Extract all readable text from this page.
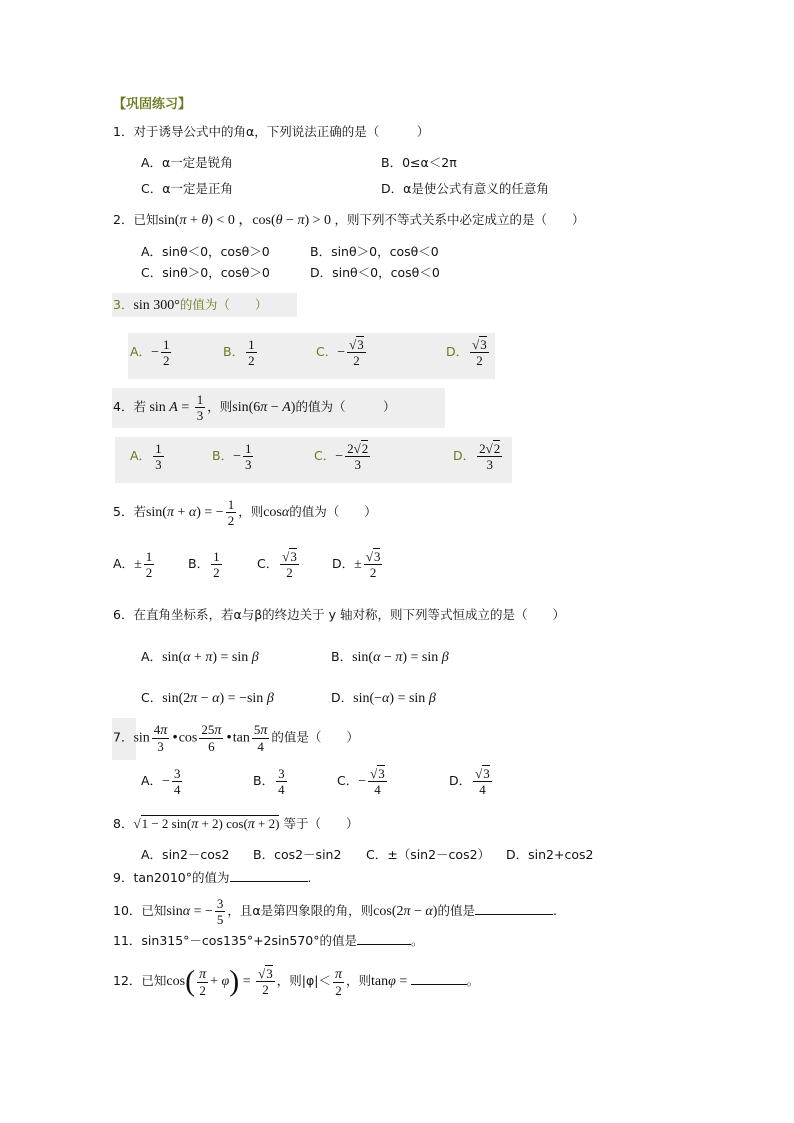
【巩固练习】
1．对于诱导公式中的角α，下列说法正确的是（　　　）
A．α一定是锐角	B．0≤α＜2π
C．α一定是正角	D．α是使公式有意义的任意角
2．已知sin(π + θ) < 0 ，cos(θ − π) > 0 ，则下列不等式关系中必定成立的是（　　）
A．sinθ＜0，cosθ＞0	B．sinθ＞0，cosθ＜0
C．sinθ＞0，cosθ＞0	D．sinθ＜0，cosθ＜0
3．sin 300°的值为（　　）
A．− $\frac{1}{2}$	B． $\frac{1}{2}$	C．− $\frac{√3}{2}$	D． $\frac{√3}{2}$
4．若 $\sin A = \frac{1}{3}$ ，则sin(6π − A)的值为（　　　）
A． $\frac{1}{3}$	B．− $\frac{1}{3}$	C．− $\frac{2√2}{3}$	D． $\frac{2√2}{3}$
5．若sin(π + α) = − $\frac{1}{2}$ ，则cosα的值为（　　）
A．± $\frac{1}{2}$	B． $\frac{1}{2}$	C． $\frac{√3}{2}$	D．± $\frac{√3}{2}$
6．在直角坐标系，若α与β的终边关于 y 轴对称，则下列等式恒成立的是（　　）
A．sin(α + π) = sin β	B．sin(α − π) = sin β
C．sin(2π − α) = −sin β	D．sin(−α) = sin β
7．$\sin \frac{4\pi}{3}$ •cos $\frac{25\pi}{6}$ •tan $\frac{5\pi}{4}$ 的值是（　　）
A．− $\frac{3}{4}$	B． $\frac{3}{4}$	C．− $\frac{√3}{4}$	D． $\frac{√3}{4}$
8．√1 − 2 sin(π + 2) cos(π + 2) 等于（　　）
A．sin2－cos2 B．cos2－sin2 C．±（sin2－cos2） D．sin2+cos2
9．tan2010°的值为	.
10．已知sinα = − $\frac{3}{5}$ ，且α是第四象限的角，则cos(2π − α)的值是	.
11．sin315°－cos135°+2sin570°的值是	。
12．已知$\cos( \frac{\pi}{2} + \varphi) = \frac{√3}{2}$ ，则$|\varphi|< \frac{\pi}{2}$ ，则tanφ =	。
